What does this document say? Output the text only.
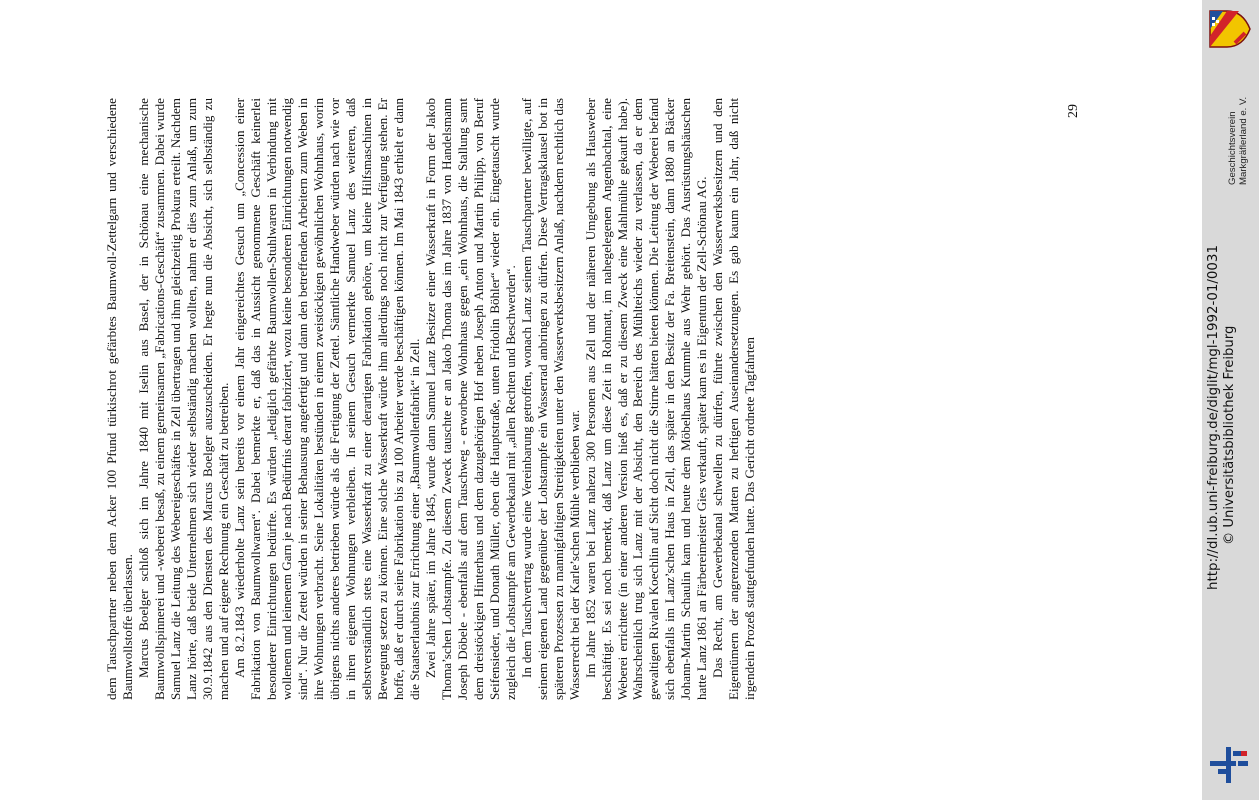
dem Tauschpartner neben dem Acker 100 Pfund türkischrot gefärbtes Baumwoll-Zettelgarn und verschiedene Baumwollstoffe überlassen. Marcus Boelger schloß sich im Jahre 1840 mit Iselin aus Basel, der in Schönau eine mechanische Baumwollspinnerei und -weberei besaß, zu einem gemeinsamen „Fabrications-Geschäft“ zusammen. Dabei wurde Samuel Lanz die Leitung des Webereigeschäftes in Zell übertragen und ihm gleichzeitig Prokura erteilt. Nachdem Lanz hörte, daß beide Unternehmen sich wieder selbständig machen wollten, nahm er dies zum Anlaß, um zum 30.9.1842 aus den Diensten des Marcus Boelger auszuscheiden. Er hegte nun die Absicht, sich selbständig zu machen und auf eigene Rechnung ein Geschäft zu betreiben. Am 8.2.1843 wiederholte Lanz sein bereits vor einem Jahr eingereichtes Gesuch um „Concession einer Fabrikation von Baumwollwaren“. Dabei bemerkte er, daß das in Aussicht genommene Geschäft keinerlei besonderer Einrichtungen bedürfte. Es würden „lediglich gefärbte Baumwollen-Stuhlwaren in Verbindung mit wollenem und leinenem Garn je nach Bedürfnis derart fabriziert, wozu keine besonderen Einrichtungen notwendig sind“. Nur die Zettel würden in seiner Behausung angefertigt und dann den betreffenden Arbeitern zum Weben in ihre Wohnungen verbracht. Seine Lokalitäten bestünden in einem zweistöckigen gewöhnlichen Wohnhaus, worin übrigens nichts anderes betrieben würde als die Fertigung der Zettel. Sämtliche Handweber würden nach wie vor in ihren eigenen Wohnungen verbleiben. In seinem Gesuch vermerkte Samuel Lanz des weiteren, daß selbstverständlich stets eine Wasserkraft zu einer derartigen Fabrikation gehöre, um kleine Hilfsmaschinen in Bewegung setzen zu können. Eine solche Wasserkraft würde ihm allerdings noch nicht zur Verfügung stehen. Er hoffe, daß er durch seine Fabrikation bis zu 100 Arbeiter werde beschäftigen können. Im Mai 1843 erhielt er dann die Staatserlaubnis zur Errichtung einer „Baumwollenfabrik“ in Zell. Zwei Jahre später, im Jahre 1845, wurde dann Samuel Lanz Besitzer einer Wasserkraft in Form der Jakob Thoma’schen Lohstampfe. Zu diesem Zweck tauschte er an Jakob Thoma das im Jahre 1837 von Handelsmann Joseph Döbele - ebenfalls auf dem Tauschweg - erworbene Wohnhaus gegen „ein Wohnhaus, die Stallung samt dem dreistöckigen Hinterhaus und dem dazugehörigen Hof neben Joseph Anton und Martin Philipp, von Beruf Seifensieder, und Donath Müller, oben die Hauptstraße, unten Fridolin Böhler“ wieder ein. Eingetauscht wurde zugleich die Lohstampfe am Gewerbekanal mit „allen Rechten und Beschwerden“. In dem Tauschvertrag wurde eine Vereinbarung getroffen, wonach Lanz seinem Tauschpartner bewilligte, auf seinem eigenen Land gegenüber der Lohstampfe ein Wasserrad anbringen zu dürfen. Diese Vertragsklausel bot in späteren Prozessen zu mannigfaltigen Streitigkeiten unter den Wasserwerksbesitzern Anlaß, nachdem rechtlich das Wasserrecht bei der Karle’schen Mühle verblieben war. Im Jahre 1852 waren bei Lanz nahezu 300 Personen aus Zell und der näheren Umgebung als Hausweber beschäftigt. Es sei noch bemerkt, daß Lanz um diese Zeit in Rohmatt, im nahegelegenen Angenbachtal, eine Weberei errichtete (in einer anderen Version hieß es, daß er zu diesem Zweck eine Mahlmühle gekauft habe). Wahrscheinlich trug sich Lanz mit der Absicht, den Bereich des Mühlteichs wieder zu verlassen, da er dem gewaltigen Rivalen Koechlin auf Sicht doch nicht die Stirne hätten bieten können. Die Leitung der Weberei befand sich ebenfalls im Lanz’schen Haus in Zell, das später in den Besitz der Fa. Breitenstein, dann 1880 an Bäcker Johann-Martin Schaulin kam und heute dem Möbelhaus Kummle aus Wehr gehört. Das Ausrüstungshäuschen hatte Lanz 1861 an Färbereimeister Gies verkauft, später kam es in Eigentum der Zell-Schönau AG. Das Recht, am Gewerbekanal schwellen zu dürfen, führte zwischen den Wasserwerksbesitzern und den Eigentümern der angrenzenden Matten zu heftigen Auseinandersetzungen. Es gab kaum ein Jahr, daß nicht irgendein Prozeß stattgefunden hatte. Das Gericht ordnete Tagfahrten

29
Geschichtsverein Markgräflerland e. V.
http://dl.ub.uni-freiburg.de/diglit/mgl-1992-01/0031 © Universitätsbibliothek Freiburg
